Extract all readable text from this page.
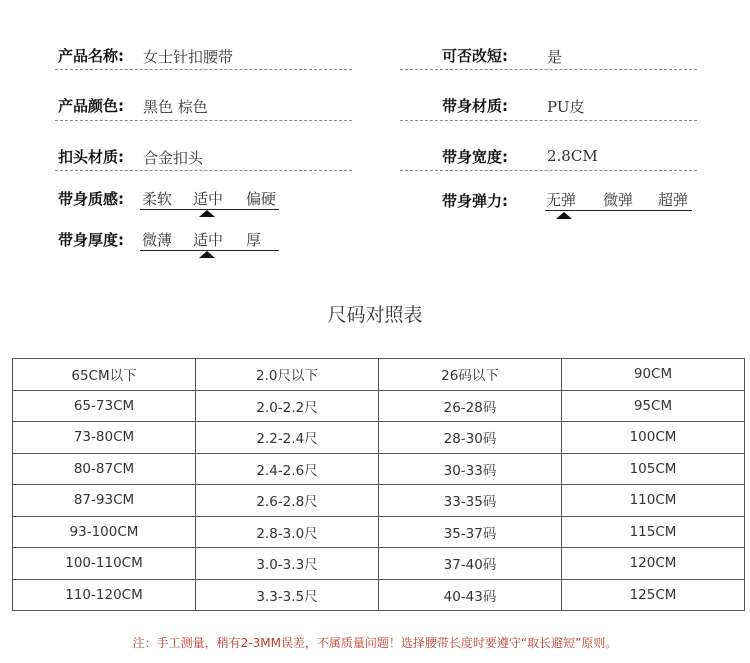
产品名称: 女士针扣腰带	可否改短:	是
产品颜色: 黑色 棕色	带身材质:	PU皮
扣头材质: 合金扣头	带身宽度:	2.8CM
带身质感: 柔软 适中 偏硬	带身弹力:	无弹 微弹 超弹
带身厚度: 微薄 适中 厚
尺码对照表
65CM以下	2.0尺以下	26码以下	90CM
65-73CM	2.0-2.2尺	26-28码	95CM
73-80CM	2.2-2.4尺	28-30码	100CM
80-87CM	2.4-2.6尺	30-33码	105CM
87-93CM	2.6-2.8尺	33-35码	110CM
93-100CM	2.8-3.0尺	35-37码	115CM
100-110CM	3.0-3.3尺	37-40码	120CM
110-120CM	3.3-3.5尺	40-43码	125CM
注：手工测量，稍有2-3MM误差，不属质量问题！选择腰带长度时要遵守“取长避短”原则。
